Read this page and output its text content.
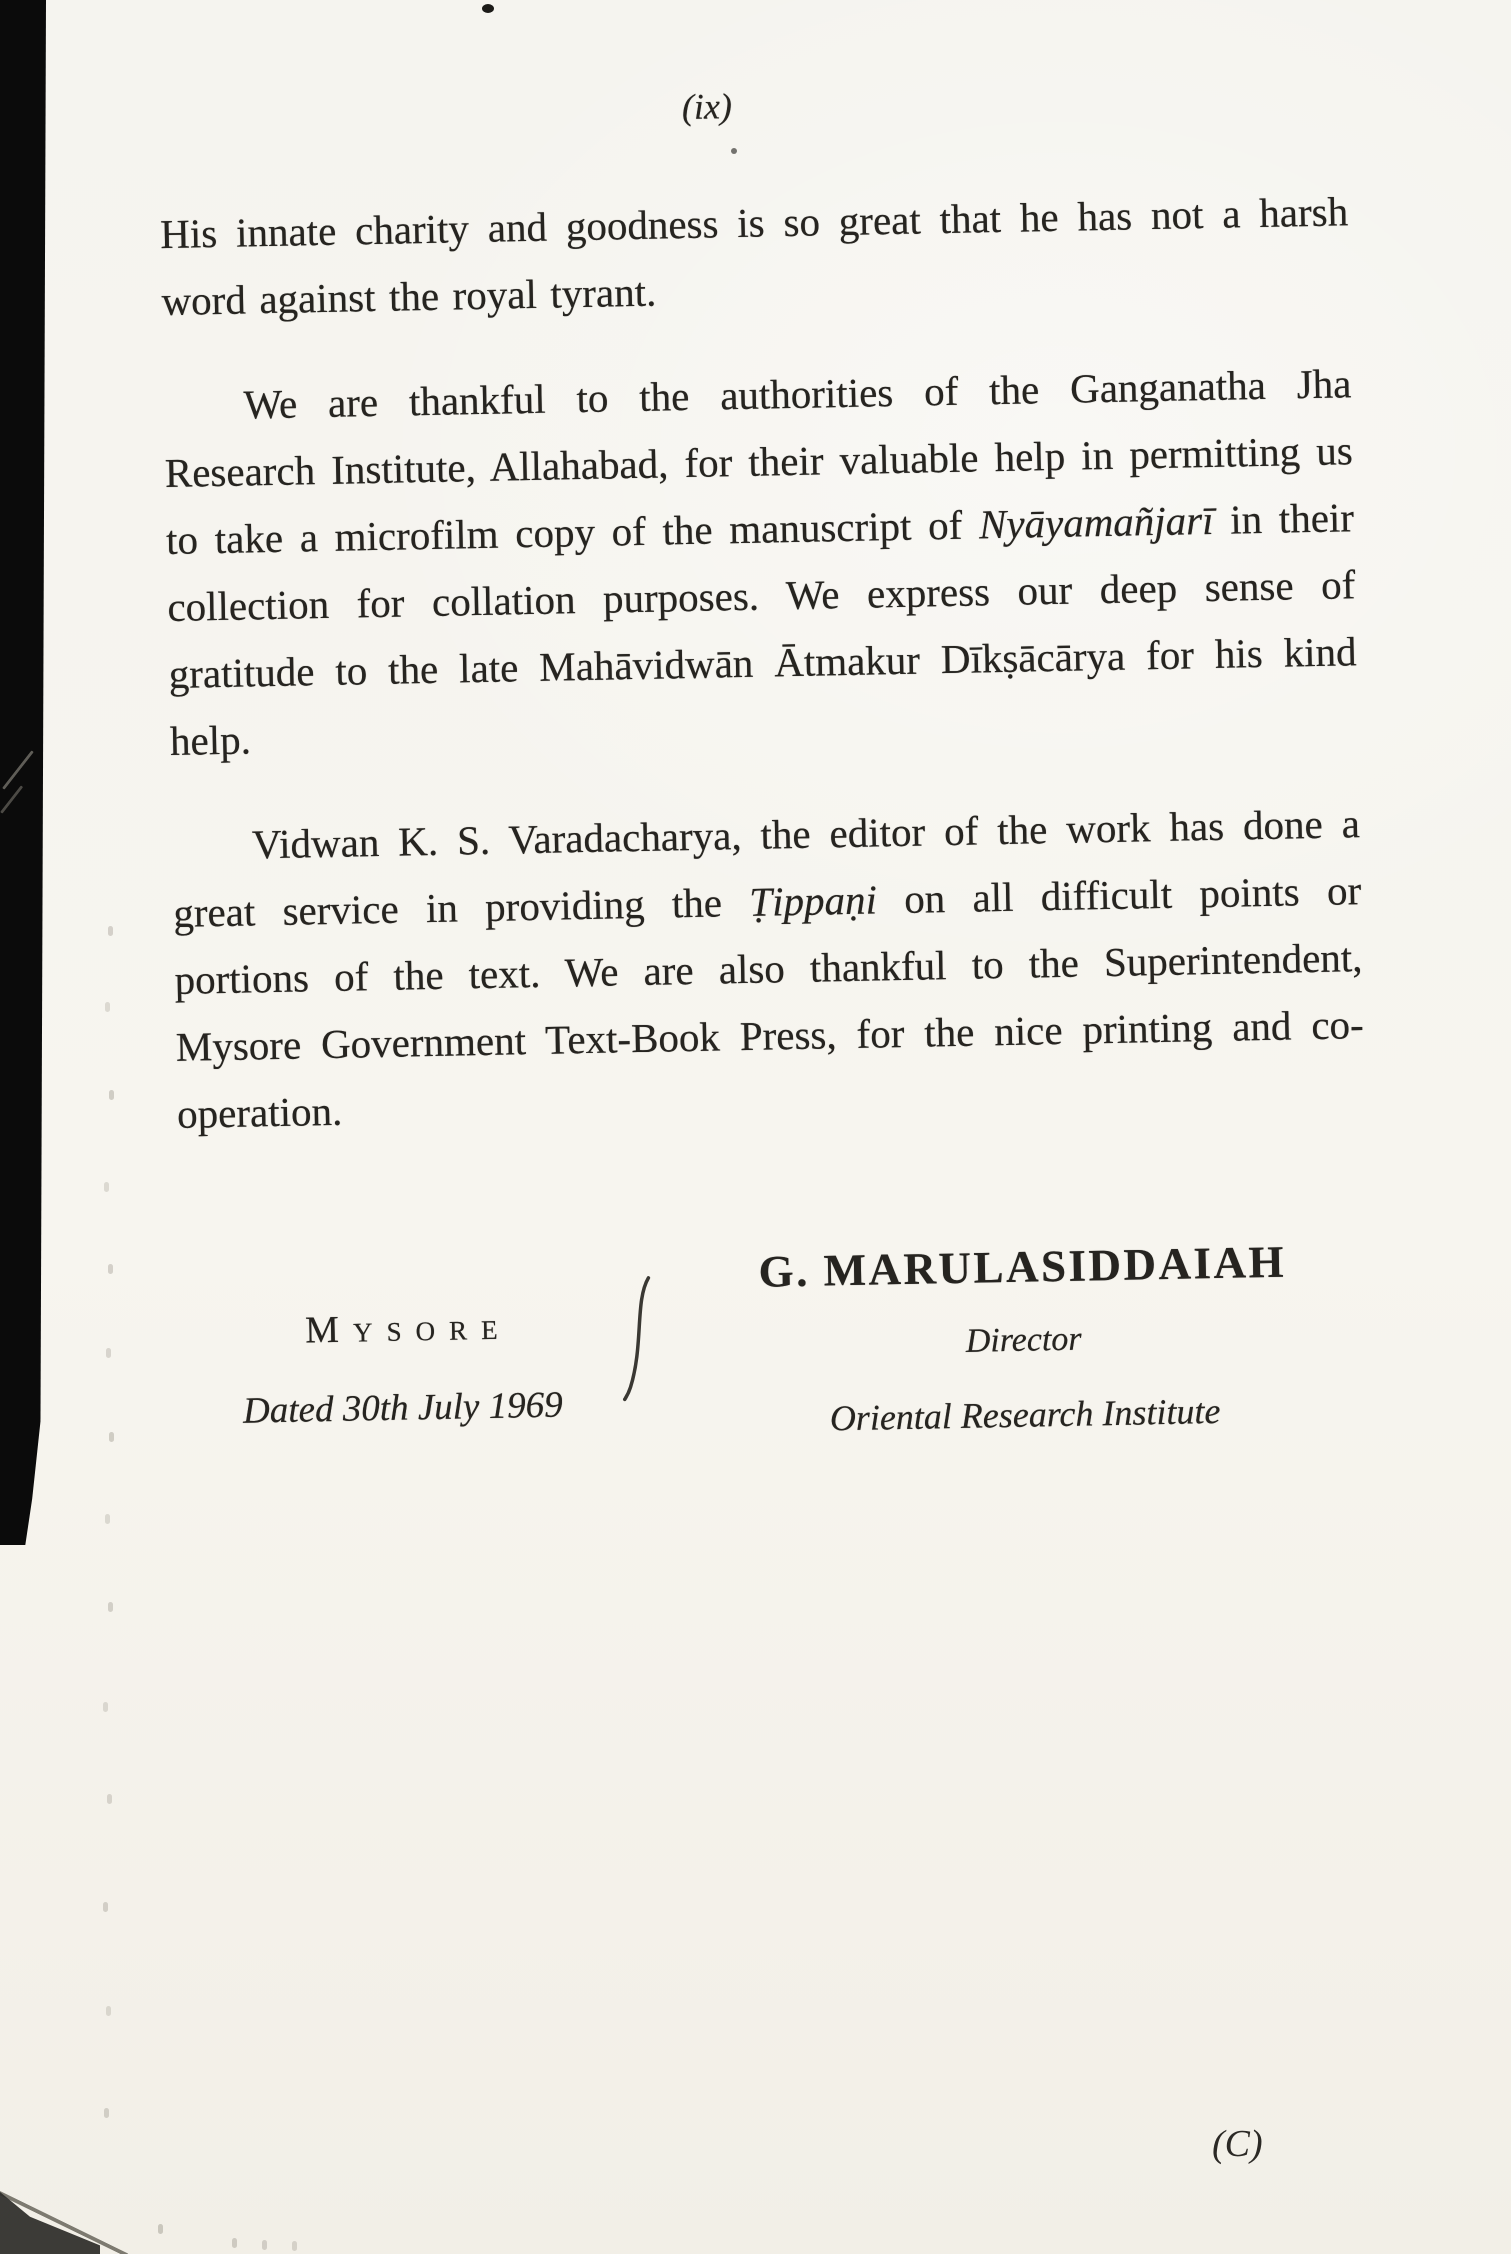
(ix)

His innate charity and goodness is so great that he has not a harsh word against the royal tyrant.

We are thankful to the authorities of the Ganganatha Jha Research Institute, Allahabad, for their valuable help in permitting us to take a microfilm copy of the manuscript of Nyāyamañjarī in their collection for collation purposes. We express our deep sense of gratitude to the late Mahāvidwān Ātmakur Dīkṣācārya for his kind help.

Vidwan K. S. Varadacharya, the editor of the work has done a great service in providing the Ṭippaṇi on all difficult points or portions of the text. We are also thankful to the Superintendent, Mysore Government Text-Book Press, for the nice printing and co-operation.

Mysore
Dated 30th July 1969
G. MARULASIDDAIAH
Director
Oriental Research Institute
(C)
